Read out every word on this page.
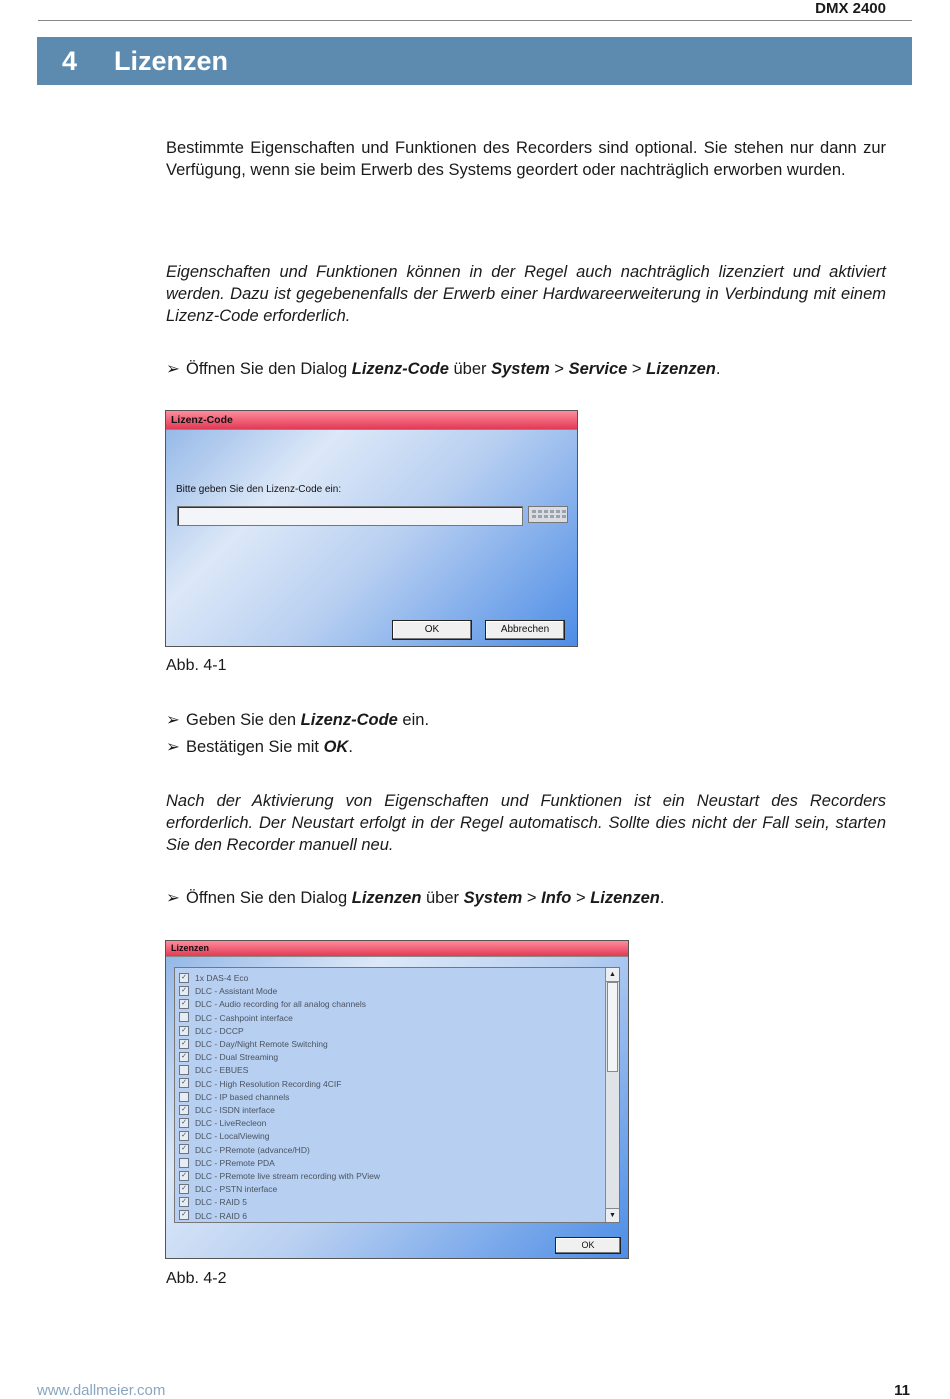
DMX 2400
4 Lizenzen
Bestimmte Eigenschaften und Funktionen des Recorders sind optional. Sie stehen nur dann zur Verfügung, wenn sie beim Erwerb des Systems geordert oder nachträglich erworben wurden.
Eigenschaften und Funktionen können in der Regel auch nachträglich lizenziert und aktiviert werden. Dazu ist gegebenenfalls der Erwerb einer Hardwareerweiterung in Verbindung mit einem Lizenz-Code erforderlich.
➢ Öffnen Sie den Dialog Lizenz-Code über System > Service > Lizenzen.
Lizenz-Code
Bitte geben Sie den Lizenz-Code ein:
OK	Abbrechen
Abb. 4-1
➢ Geben Sie den Lizenz-Code ein.
➢ Bestätigen Sie mit OK.
Nach der Aktivierung von Eigenschaften und Funktionen ist ein Neustart des Recorders erforderlich. Der Neustart erfolgt in der Regel automatisch. Sollte dies nicht der Fall sein, starten Sie den Recorder manuell neu.
➢ Öffnen Sie den Dialog Lizenzen über System > Info > Lizenzen.
Lizenzen
✓ 1x DAS-4 Eco
✓ DLC - Assistant Mode
✓ DLC - Audio recording for all analog channels
DLC - Cashpoint interface
✓ DLC - DCCP
✓ DLC - Day/Night Remote Switching
✓ DLC - Dual Streaming
DLC - EBUES
✓ DLC - High Resolution Recording 4CIF
DLC - IP based channels
✓ DLC - ISDN interface
✓ DLC - LiveRecleon
✓ DLC - LocalViewing
✓ DLC - PRemote (advance/HD)
DLC - PRemote PDA
✓ DLC - PRemote live stream recording with PView
✓ DLC - PSTN interface
✓ DLC - RAID 5
✓ DLC - RAID 6
▲
▼
OK
Abb. 4-2
www.dallmeier.com	11
